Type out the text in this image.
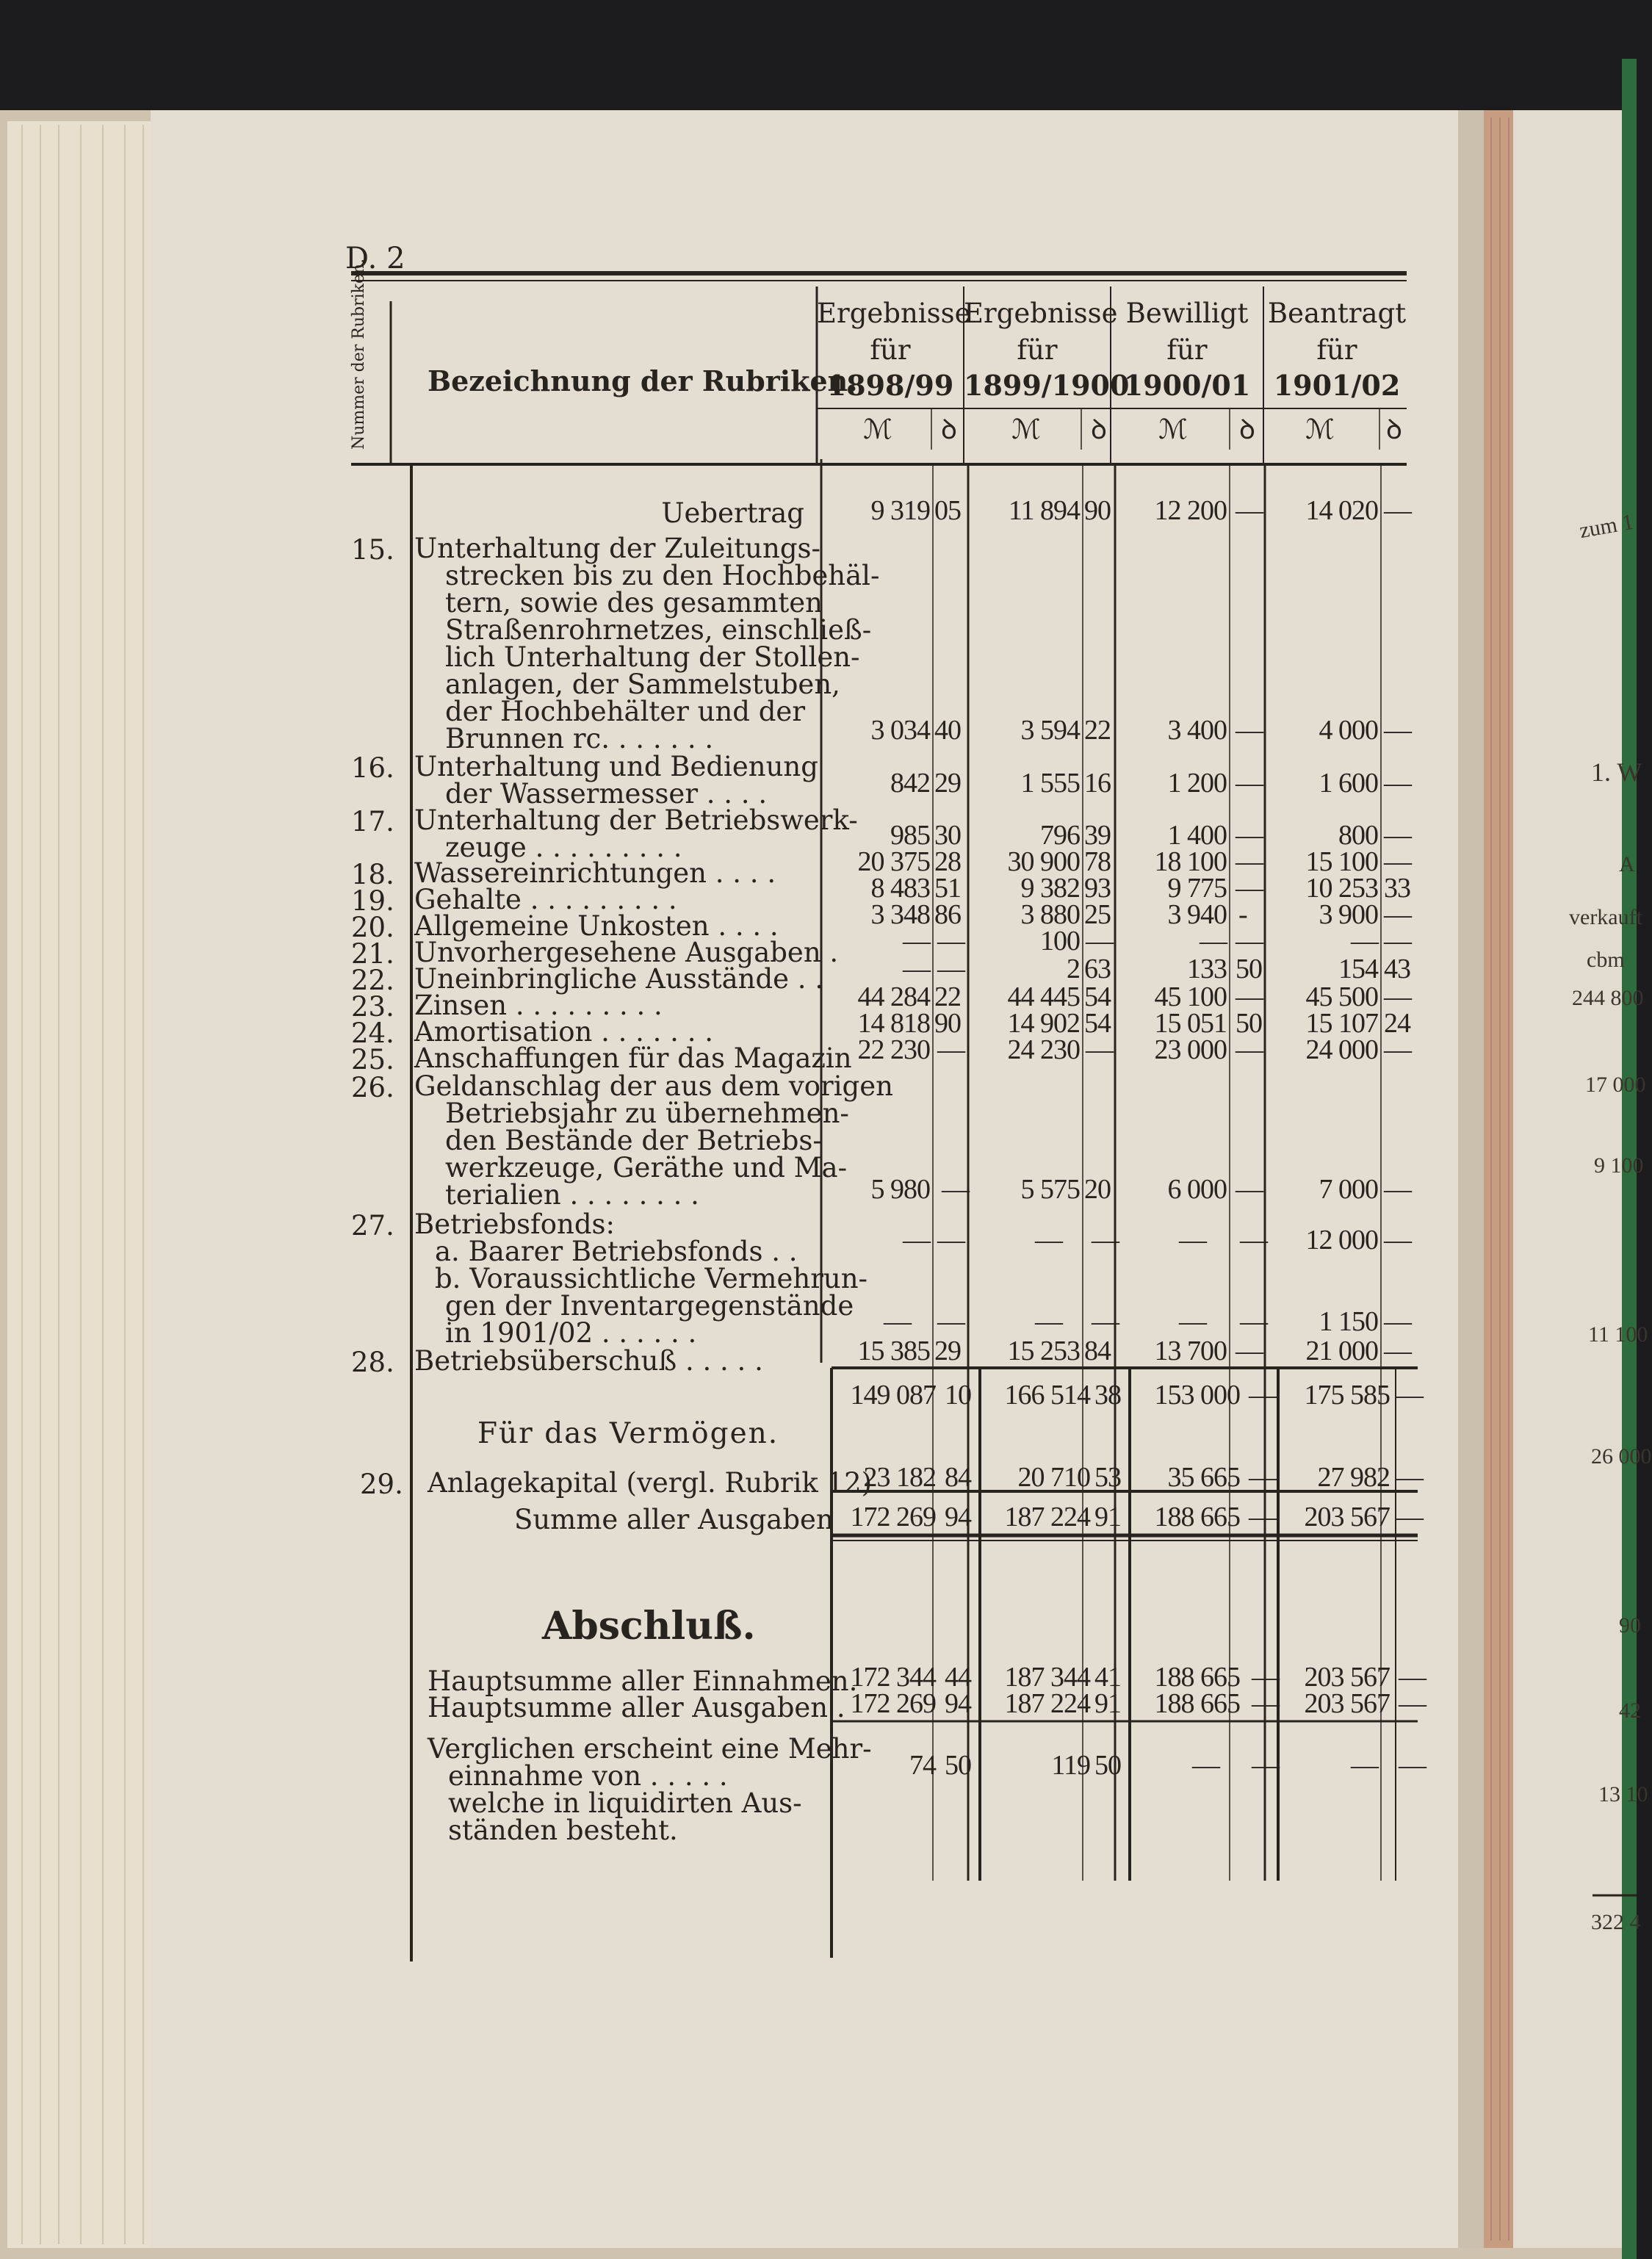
D. 2
Nummer der Rubriken. Bezeichnung der Rubriken.
Ergebnisse
für
1898/99
ℳ ꝺ
Ergebnisse
für
1899/1900
ℳ ꝺ
Bewilligt
für
1900/01
ℳ ꝺ
Beantragt
für
1901/02
ℳ ꝺ
Uebertrag	9 319 05	11 894 90	12 200 —	14 020 —
15. Unterhaltung der Zuleitungs-
strecken bis zu den Hochbehäl-
tern, sowie des gesammten
Straßenrohrnetzes, einschließ-
lich Unterhaltung der Stollen-
anlagen, der Sammelstuben,
der Hochbehälter und der
Brunnen rc. . . . . . .	3 034 40	3 594 22	3 400 —	4 000 —
16. Unterhaltung und Bedienung
der Wassermesser . . . .	842 29	1 555 16	1 200 —	1 600 —
17. Unterhaltung der Betriebswerk-
zeuge . . . . . . . . .	985 30	796 39	1 400 —	800 —
18. Wassereinrichtungen . . . .	20 375 28	30 900 78	18 100 —	15 100 —
19. Gehalte . . . . . . . . .	8 483 51	9 382 93	9 775 —	10 253 33
20. Allgemeine Unkosten . . . .	3 348 86	3 880 25	3 940 -	3 900 —
21. Unvorhergesehene Ausgaben .	— —	100 —	— —	— —
22. Uneinbringliche Ausstände . .	— —	2 63	133 50	154 43
23. Zinsen . . . . . . . . .	44 284 22	44 445 54	45 100 —	45 500 —
24. Amortisation . . . . . . .	14 818 90	14 902 54	15 051 50	15 107 24
25. Anschaffungen für das Magazin 22 230 —	24 230 —	23 000 —	24 000 —
26. Geldanschlag der aus dem vorigen
Betriebsjahr zu übernehmen-
den Bestände der Betriebs-
werkzeuge, Geräthe und Ma-
terialien . . . . . . . .	5 980 —	5 575 20	6 000 —	7 000 —
27. Betriebsfonds:
a. Baarer Betriebsfonds . .	— —	— —	— —	12 000 —
b. Voraussichtliche Vermehrun-
gen der Inventargegenstände
in 1901/02 . . . . . .	— —	— —	— —	1 150 —
28. Betriebsüberschuß . . . . .	15 385 29	15 253 84	13 700 —	21 000 —
149 087 10	166 514 38	153 000 —	175 585 —
Für das Vermögen.
29. Anlagekapital (vergl. Rubrik 12)
23 182 84	20 710 53	35 665 —	27 982 —
Summe aller Ausgaben 172 269 94	187 224 91	188 665 —	203 567 —
Abschluß.
Hauptsumme aller Einnahmen.
172 344 44	187 344 41	188 665 — 203 567 —
Hauptsumme aller Ausgaben . 172 269 94	187 224 91	188 665 — 203 567 —
Verglichen erscheint eine Mehr-
einnahme von . . . . .
welche in liquidirten Aus-
ständen besteht.
74 50	119 50	— —	— —
zum 1
1. W
A
verkauft
cbm
244 800
17 000
9 100
11 100
26 000
90
42
13 10
322 4
